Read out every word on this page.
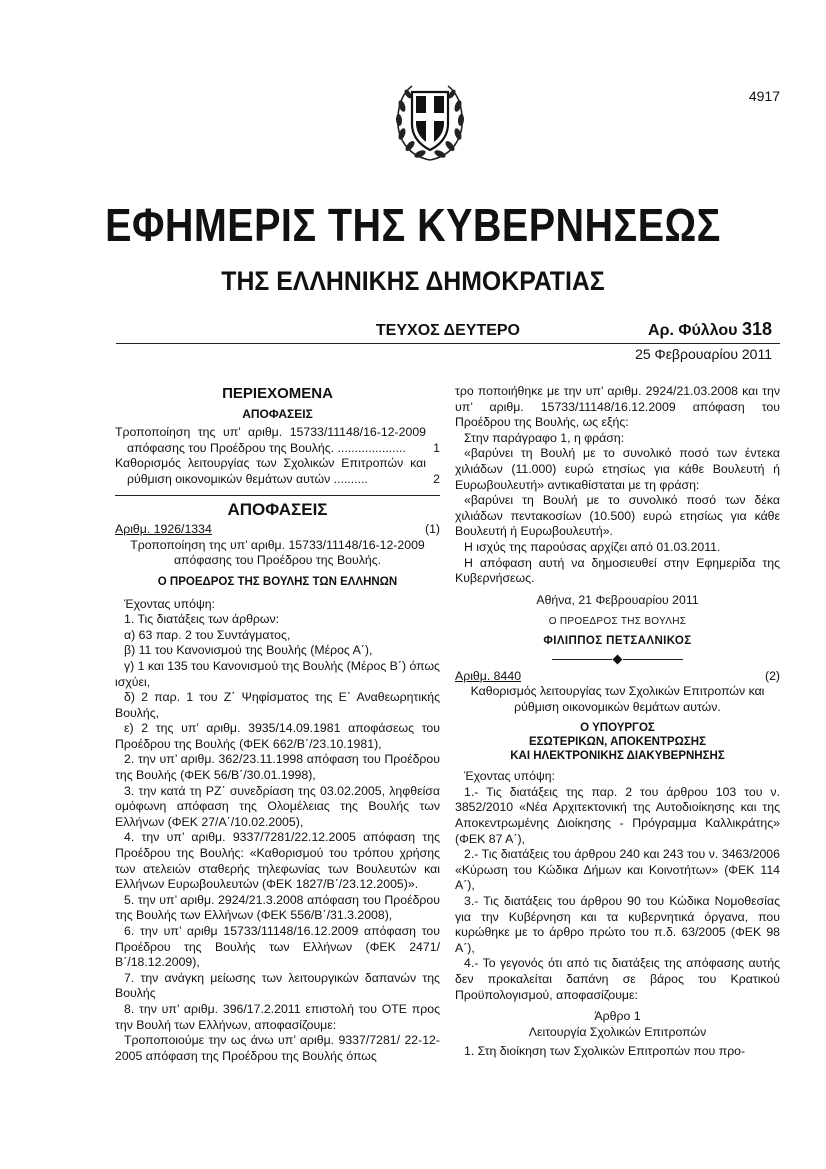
4917
ΕΦΗΜΕΡΙΣ ΤΗΣ ΚΥΒΕΡΝΗΣΕΩΣ
ΤΗΣ ΕΛΛΗΝΙΚΗΣ ΔΗΜΟΚΡΑΤΙΑΣ
ΤΕΥΧΟΣ ΔΕΥΤΕΡΟ	Αρ. Φύλλου 318
25 Φεβρουαρίου 2011

ΠΕΡΙΕΧΟΜΕΝΑ

ΑΠΟΦΑΣΕΙΣ

Τροποποίηση της υπ’ αριθμ. 15733/11148/16-12-2009 απόφασης του Προέδρου της Βουλής. ....................	1
Καθορισμός λειτουργίας των Σχολικών Επιτροπών και ρύθμιση οικονομικών θεμάτων αυτών ..........	2

ΑΠΟΦΑΣΕΙΣ

Αριθμ. 1926/1334	(1)

Τροποποίηση της υπ’ αριθμ. 15733/11148/16-12-2009 απόφασης του Προέδρου της Βουλής.

Ο ΠΡΟΕΔΡΟΣ ΤΗΣ ΒΟΥΛΗΣ ΤΩΝ ΕΛΛΗΝΩΝ

Έχοντας υπόψη:

1. Τις διατάξεις των άρθρων:

α) 63 παρ. 2 του Συντάγματος,

β) 11 του Κανονισμού της Βουλής (Μέρος Α΄),

γ) 1 και 135 του Κανονισμού της Βουλής (Μέρος Β΄) όπως ισχύει,

δ) 2 παρ. 1 του Ζ΄ Ψηφίσματος της Ε΄ Αναθεωρητικής Βουλής,

ε) 2 της υπ’ αριθμ. 3935/14.09.1981 αποφάσεως του Προέδρου της Βουλής (ΦΕΚ 662/Β΄/23.10.1981),

2. την υπ’ αριθμ. 362/23.11.1998 απόφαση του Προέδρου της Βουλής (ΦΕΚ 56/Β΄/30.01.1998),

3. την κατά τη ΡΖ΄ συνεδρίαση της 03.02.2005, ληφθείσα ομόφωνη απόφαση της Ολομέλειας της Βουλής των Ελλήνων (ΦΕΚ 27/Α΄/10.02.2005),

4. την υπ’ αριθμ. 9337/7281/22.12.2005 απόφαση της Προέδρου της Βουλής: «Καθορισμού του τρόπου χρήσης των ατελειών σταθερής τηλεφωνίας των Βουλευτών και Ελλήνων Ευρωβουλευτών (ΦΕΚ 1827/Β΄/23.12.2005)».

5. την υπ’ αριθμ. 2924/21.3.2008 απόφαση του Προέδρου της Βουλής των Ελλήνων (ΦΕΚ 556/Β΄/31.3.2008),

6. την υπ’ αριθμ 15733/11148/16.12.2009 απόφαση του Προέδρου της Βουλής των Ελλήνων (ΦΕΚ 2471/Β΄/18.12.2009),

7. την ανάγκη μείωσης των λειτουργικών δαπανών της Βουλής

8. την υπ’ αριθμ. 396/17.2.2011 επιστολή του ΟΤΕ προς την Βουλή των Ελλήνων, αποφασίζουμε:

Τροποποιούμε την ως άνω υπ’ αριθμ. 9337/7281/ 22-12-2005 απόφαση της Προέδρου της Βουλής όπως

τρο ποποιήθηκε με την υπ’ αριθμ. 2924/21.03.2008 και την υπ’ αριθμ. 15733/11148/16.12.2009 απόφαση του Προέδρου της Βουλής, ως εξής:

Στην παράγραφο 1, η φράση:

«βαρύνει τη Βουλή με το συνολικό ποσό των έντεκα χιλιάδων (11.000) ευρώ ετησίως για κάθε Βουλευτή ή Ευρωβουλευτή» αντικαθίσταται με τη φράση:

«βαρύνει τη Βουλή με το συνολικό ποσό των δέκα χιλιάδων πεντακοσίων (10.500) ευρώ ετησίως για κάθε Βουλευτή ή Ευρωβουλευτή».

Η ισχύς της παρούσας αρχίζει από 01.03.2011.

Η απόφαση αυτή να δημοσιευθεί στην Εφημερίδα της Κυβερνήσεως.

Αθήνα, 21 Φεβρουαρίου 2011

Ο ΠΡΟΕΔΡΟΣ ΤΗΣ ΒΟΥΛΗΣ

ΦΙΛΙΠΠΟΣ ΠΕΤΣΑΛΝΙΚΟΣ

Αριθμ. 8440	(2)

Καθορισμός λειτουργίας των Σχολικών Επιτροπών και ρύθμιση οικονομικών θεμάτων αυτών.

Ο ΥΠΟΥΡΓΟΣ

ΕΣΩΤΕΡΙΚΩΝ, ΑΠΟΚΕΝΤΡΩΣΗΣ

ΚΑΙ ΗΛΕΚΤΡΟΝΙΚΗΣ ΔΙΑΚΥΒΕΡΝΗΣΗΣ

Έχοντας υπόψη:

1.- Τις διατάξεις της παρ. 2 του άρθρου 103 του ν. 3852/2010 «Νέα Αρχιτεκτονική της Αυτοδιοίκησης και της Αποκεντρωμένης Διοίκησης - Πρόγραμμα Καλλικράτης» (ΦΕΚ 87 Α΄),

2.- Τις διατάξεις του άρθρου 240 και 243 του ν. 3463/2006 «Κύρωση του Κώδικα Δήμων και Κοινοτήτων» (ΦΕΚ 114 Α΄),

3.- Τις διατάξεις του άρθρου 90 του Κώδικα Νομοθεσίας για την Κυβέρνηση και τα κυβερνητικά όργανα, που κυρώθηκε με το άρθρο πρώτο του π.δ. 63/2005 (ΦΕΚ 98 Α΄),

4.- Το γεγονός ότι από τις διατάξεις της απόφασης αυτής δεν προκαλείται δαπάνη σε βάρος του Κρατικού Προϋπολογισμού, αποφασίζουμε:

Άρθρο 1

Λειτουργία Σχολικών Επιτροπών

1. Στη διοίκηση των Σχολικών Επιτροπών που προ-
